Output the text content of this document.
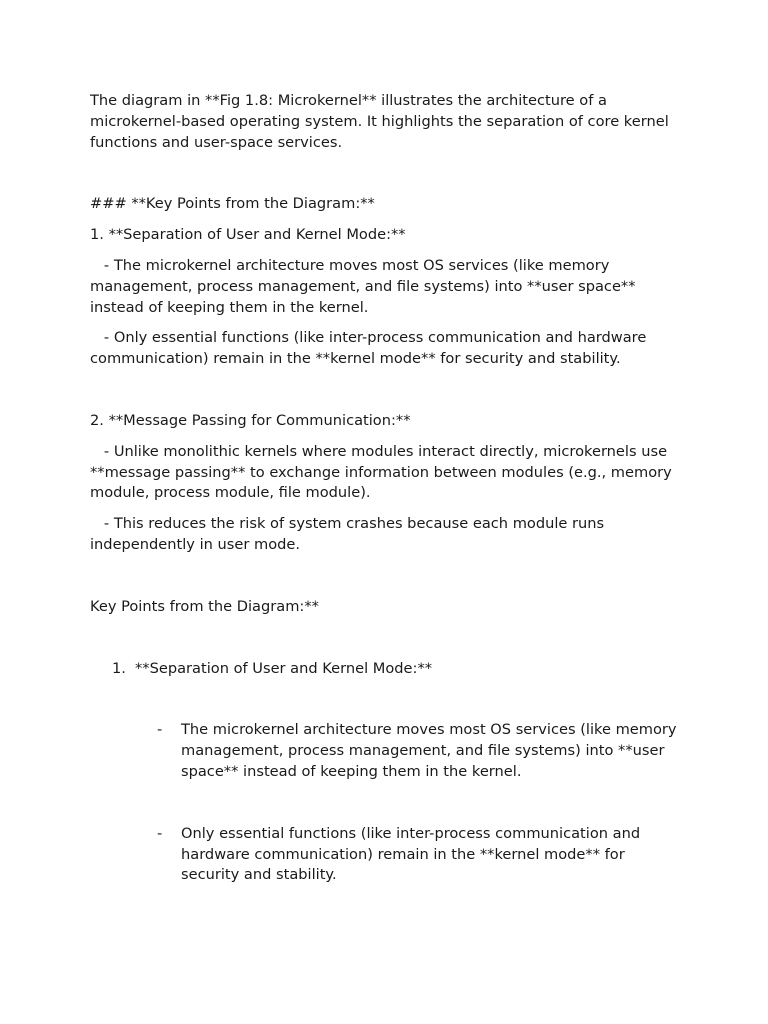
The diagram in **Fig 1.8: Microkernel** illustrates the architecture of a microkernel-based operating system. It highlights the separation of core kernel functions and user-space services.

### **Key Points from the Diagram:**

1. **Separation of User and Kernel Mode:**

- The microkernel architecture moves most OS services (like memory management, process management, and file systems) into **user space** instead of keeping them in the kernel.

- Only essential functions (like inter-process communication and hardware communication) remain in the **kernel mode** for security and stability.

2. **Message Passing for Communication:**

- Unlike monolithic kernels where modules interact directly, microkernels use **message passing** to exchange information between modules (e.g., memory module, process module, file module).

- This reduces the risk of system crashes because each module runs independently in user mode.

Key Points from the Diagram:**

1. **Separation of User and Kernel Mode:**
- The microkernel architecture moves most OS services (like memory management, process management, and file systems) into **user space** instead of keeping them in the kernel.
- Only essential functions (like inter-process communication and hardware communication) remain in the **kernel mode** for security and stability.
